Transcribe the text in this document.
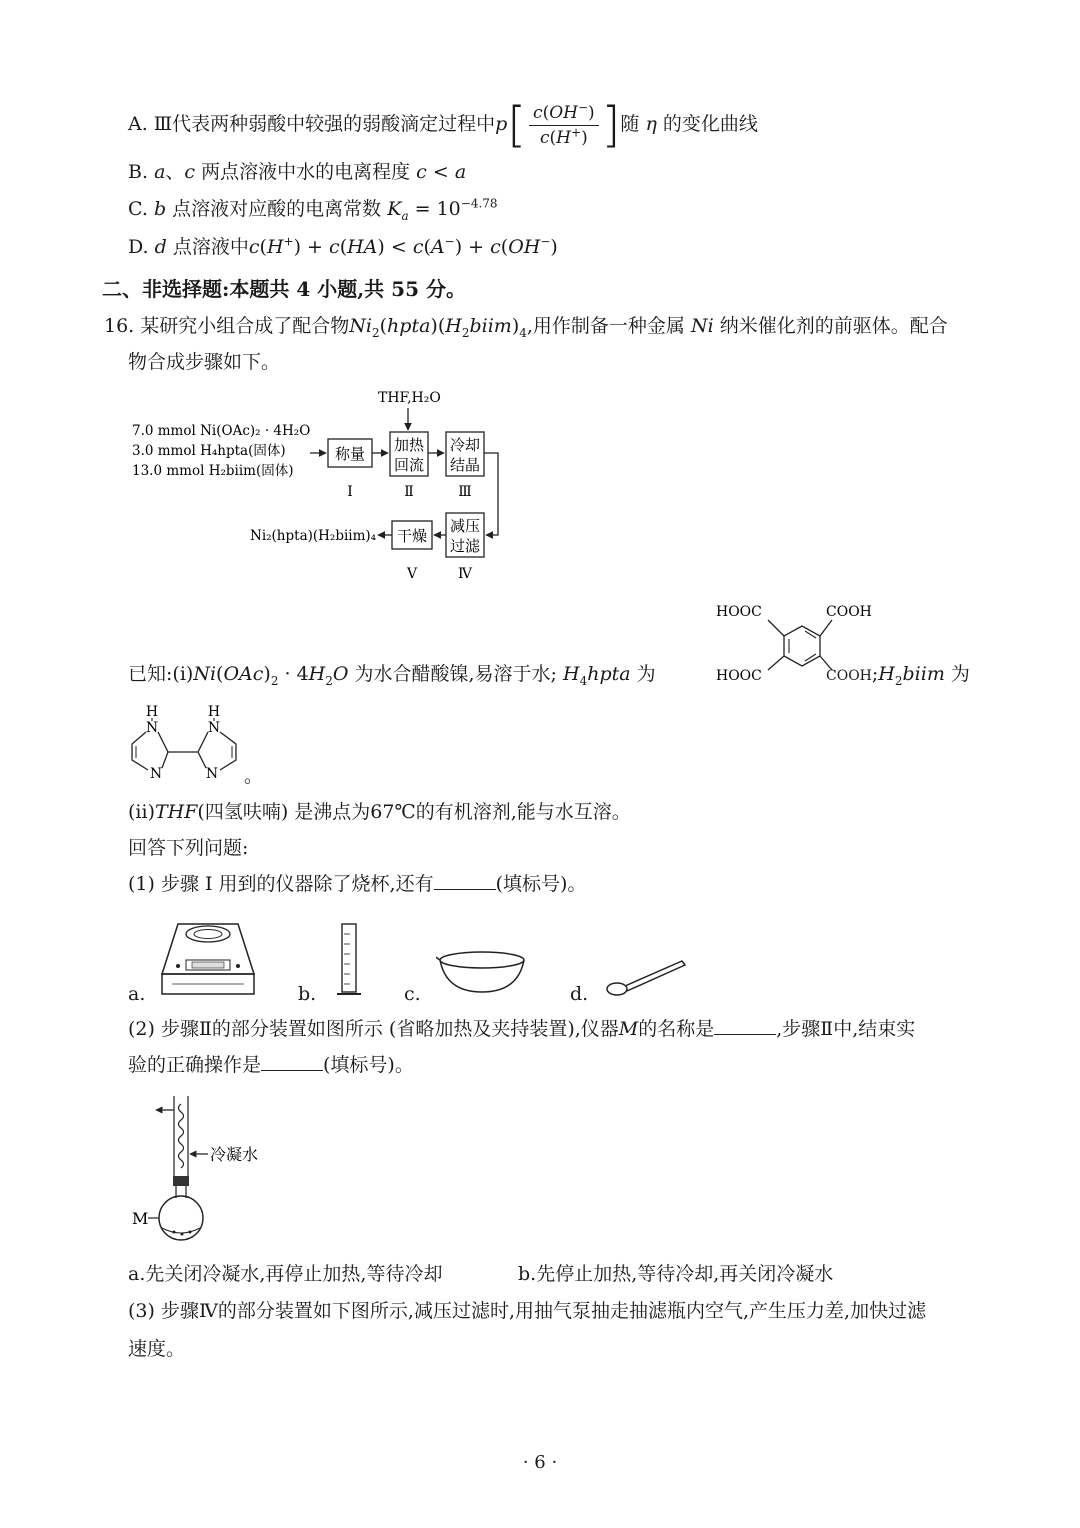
A. Ⅲ代表两种弱酸中较强的弱酸滴定过程中$p[ \frac{c(OH^-)}{c(H^+)}$ ]随 η 的变化曲线
B. a、c 两点溶液中水的电离程度 c < a
C. b 点溶液对应酸的电离常数 $K_a = 10^{-4.78}$
D. d 点溶液中c(H+) + c(HA) < c(A−) + c(OH−)
二、非选择题:本题共 4 小题,共 55 分。
16. 某研究小组合成了配合物$Ni_2(hpta)(H_2biim)_4$,用作制备一种金属 Ni 纳米催化剂的前驱体。配合
物合成步骤如下。
THF,H₂O
7.0 mmol Ni(OAc)₂ · 4H₂O
3.0 mmol H₄hpta(固体)
13.0 mmol H₂biim(固体)
称量 加热
回流
冷却
结晶
Ⅰ	Ⅱ	Ⅲ
减压
过滤
干燥
Ni₂(hpta)(H₂biim)₄
Ⅴ	Ⅳ
已知$:(ⅰ)Ni(OAc)_2 \cdot 4H_2O$ 为水合醋酸镍,易溶于水; $H_4hpta$ 为
HOOC	COOH
HOOC	$COOH;H_2biim$ 为
H	H
N	N
N	N 。
(ii)THF(四氢呋喃) 是沸点为67℃的有机溶剂,能与水互溶。
回答下列问题:
(1) 步骤 Ⅰ 用到的仪器除了烧杯,还有	(填标号)。
a.	b.	c.	d.
(2) 步骤Ⅱ的部分装置如图所示 (省略加热及夹持装置),仪器M的名称是	,步骤Ⅱ中,结束实
验的正确操作是	(填标号)。
冷凝水
M
a.先关闭冷凝水,再停止加热,等待冷却	b.先停止加热,等待冷却,再关闭冷凝水
(3) 步骤Ⅳ的部分装置如下图所示,减压过滤时,用抽气泵抽走抽滤瓶内空气,产生压力差,加快过滤
速度。
· 6 ·
